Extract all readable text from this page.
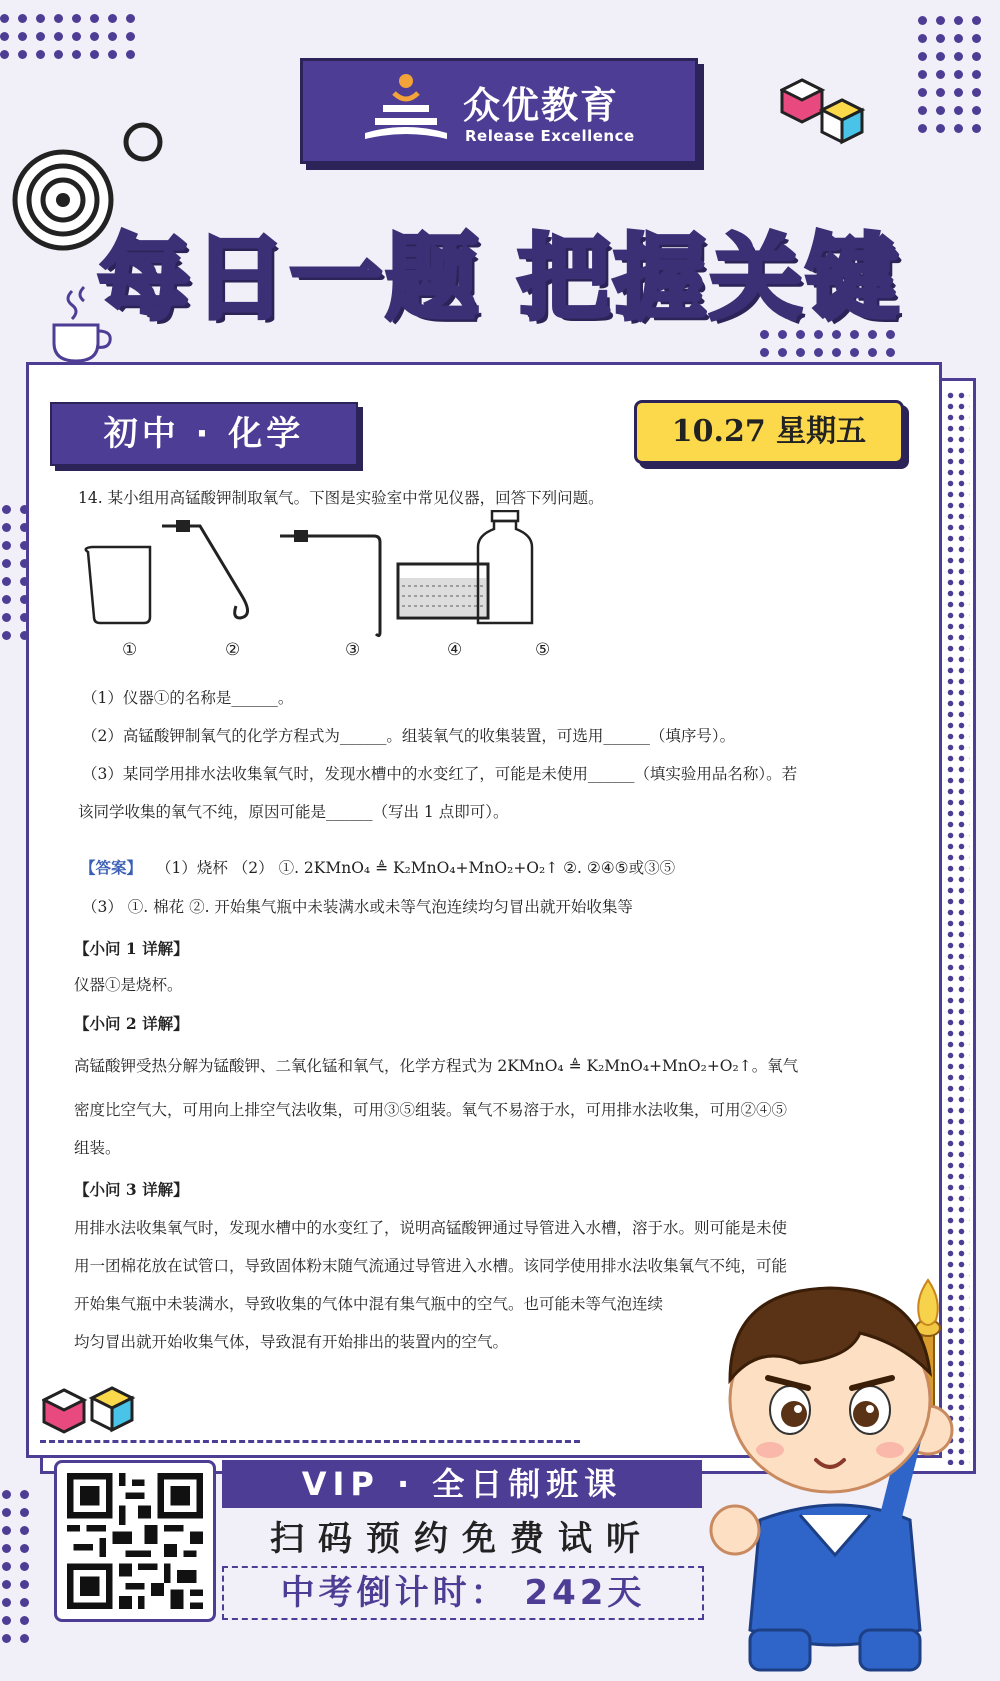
众优教育
Release Excellence
每日一题 把握关键
初中 · 化学	10.27 星期五
14. 某小组用高锰酸钾制取氧气。下图是实验室中常见仪器，回答下列问题。
①	②	③	④	⑤
（1）仪器①的名称是______。
（2）高锰酸钾制氧气的化学方程式为______。组装氧气的收集装置，可选用______（填序号）。
（3）某同学用排水法收集氧气时，发现水槽中的水变红了，可能是未使用______（填实验用品名称）。若
该同学收集的氧气不纯，原因可能是______（写出 1 点即可）。
【答案】 （1）烧杯 （2） ①. 2KMnO₄ ≜ K₂MnO₄+MnO₂+O₂↑ ②. ②④⑤或③⑤
（3） ①. 棉花 ②. 开始集气瓶中未装满水或未等气泡连续均匀冒出就开始收集等
【小问 1 详解】
仪器①是烧杯。
【小问 2 详解】
高锰酸钾受热分解为锰酸钾、二氧化锰和氧气，化学方程式为 2KMnO₄ ≜ K₂MnO₄+MnO₂+O₂↑。氧气
密度比空气大，可用向上排空气法收集，可用③⑤组装。氧气不易溶于水，可用排水法收集，可用②④⑤
组装。
【小问 3 详解】
用排水法收集氧气时，发现水槽中的水变红了，说明高锰酸钾通过导管进入水槽，溶于水。则可能是未使
用一团棉花放在试管口，导致固体粉末随气流通过导管进入水槽。该同学使用排水法收集氧气不纯，可能
开始集气瓶中未装满水，导致收集的气体中混有集气瓶中的空气。也可能未等气泡连续
均匀冒出就开始收集气体，导致混有开始排出的装置内的空气。
VIP · 全日制班课
扫码预约免费试听
中考倒计时： 242天
